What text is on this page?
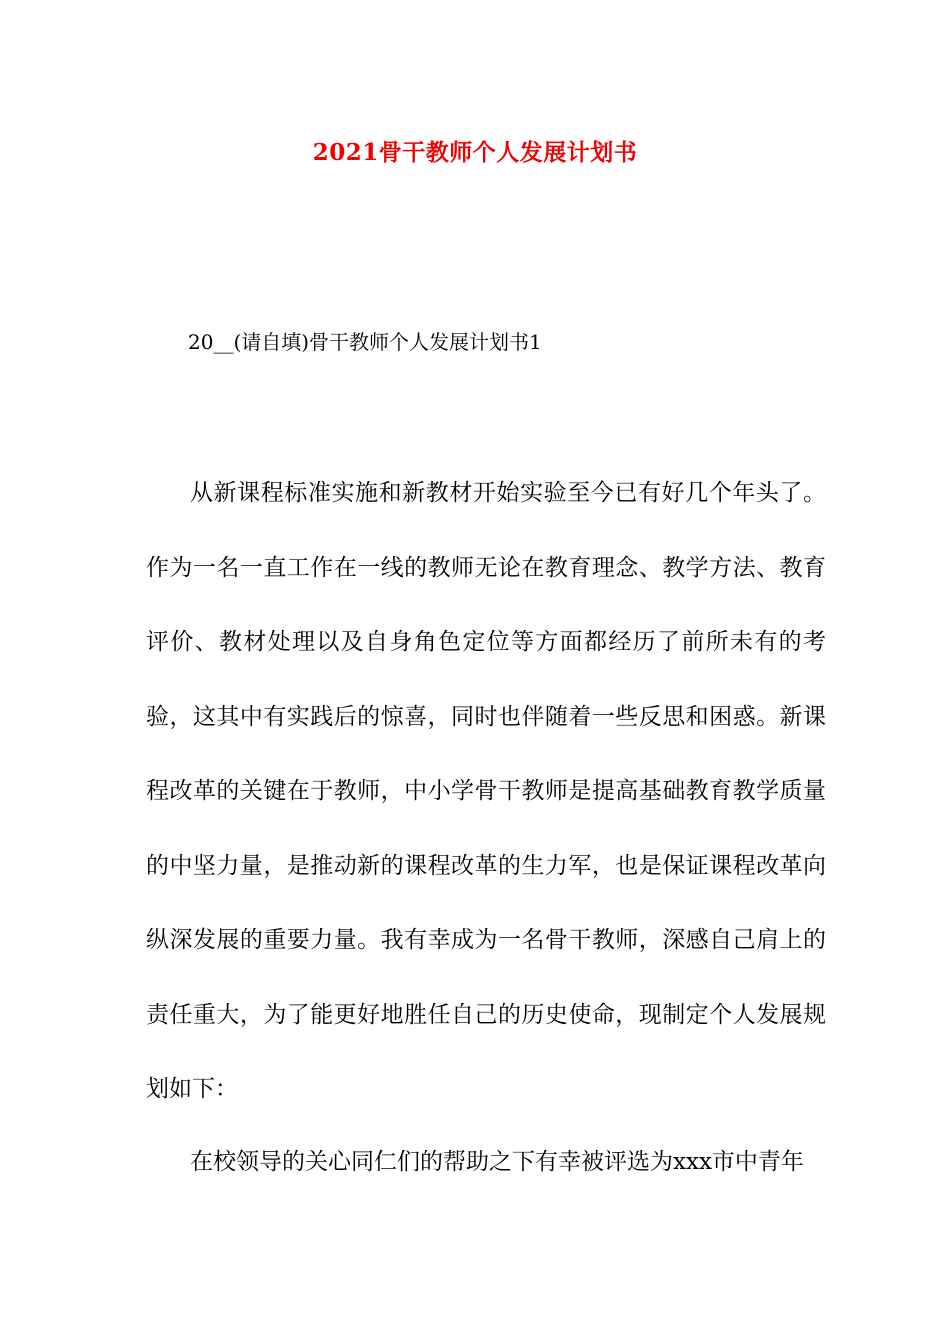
2021骨干教师个人发展计划书
20__(请自填)骨干教师个人发展计划书1

从新课程标准实施和新教材开始实验至今已有好几个年头了。作为一名一直工作在一线的教师无论在教育理念、教学方法、教育评价、教材处理以及自身角色定位等方面都经历了前所未有的考验，这其中有实践后的惊喜，同时也伴随着一些反思和困惑。新课程改革的关键在于教师，中小学骨干教师是提高基础教育教学质量的中坚力量，是推动新的课程改革的生力军，也是保证课程改革向纵深发展的重要力量。我有幸成为一名骨干教师，深感自己肩上的责任重大，为了能更好地胜任自己的历史使命，现制定个人发展规划如下：

在校领导的关心同仁们的帮助之下有幸被评选为xxx市中青年
